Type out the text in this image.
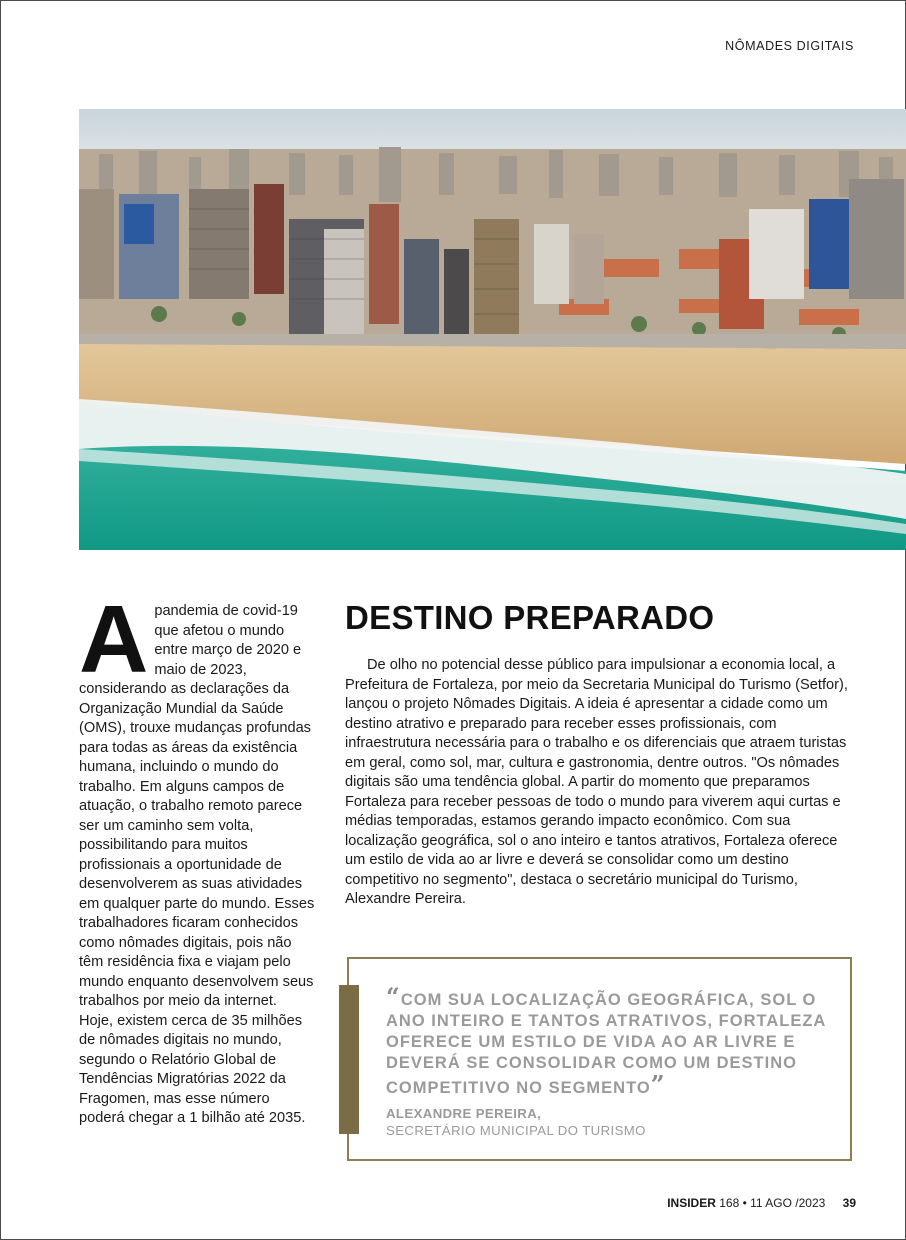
NÔMADES DIGITAIS
A pandemia de covid-19 que afetou o mundo entre março de 2020 e maio de 2023, considerando as declarações da Organização Mundial da Saúde (OMS), trouxe mudanças profundas para todas as áreas da existência humana, incluindo o mundo do trabalho. Em alguns campos de atuação, o trabalho remoto parece ser um caminho sem volta, possibilitando para muitos profissionais a oportunidade de desenvolverem as suas atividades em qualquer parte do mundo. Esses trabalhadores ficaram conhecidos como nômades digitais, pois não têm residência fixa e viajam pelo mundo enquanto desenvolvem seus trabalhos por meio da internet. Hoje, existem cerca de 35 milhões de nômades digitais no mundo, segundo o Relatório Global de Tendências Migratórias 2022 da Fragomen, mas esse número poderá chegar a 1 bilhão até 2035.
DESTINO PREPARADO

De olho no potencial desse público para impulsionar a economia local, a Prefeitura de Fortaleza, por meio da Secretaria Municipal do Turismo (Setfor), lançou o projeto Nômades Digitais. A ideia é apresentar a cidade como um destino atrativo e preparado para receber esses profissionais, com infraestrutura necessária para o trabalho e os diferenciais que atraem turistas em geral, como sol, mar, cultura e gastronomia, dentre outros. "Os nômades digitais são uma tendência global. A partir do momento que preparamos Fortaleza para receber pessoas de todo o mundo para viverem aqui curtas e médias temporadas, estamos gerando impacto econômico. Com sua localização geográfica, sol o ano inteiro e tantos atrativos, Fortaleza oferece um estilo de vida ao ar livre e deverá se consolidar como um destino competitivo no segmento", destaca o secretário municipal do Turismo, Alexandre Pereira.

“COM SUA LOCALIZAÇÃO GEOGRÁFICA, SOL O ANO INTEIRO E TANTOS ATRATIVOS, FORTALEZA OFERECE UM ESTILO DE VIDA AO AR LIVRE E DEVERÁ SE CONSOLIDAR COMO UM DESTINO COMPETITIVO NO SEGMENTO”
ALEXANDRE PEREIRA,
SECRETÁRIO MUNICIPAL DO TURISMO
INSIDER 168 • 11 AGO /2023 39
